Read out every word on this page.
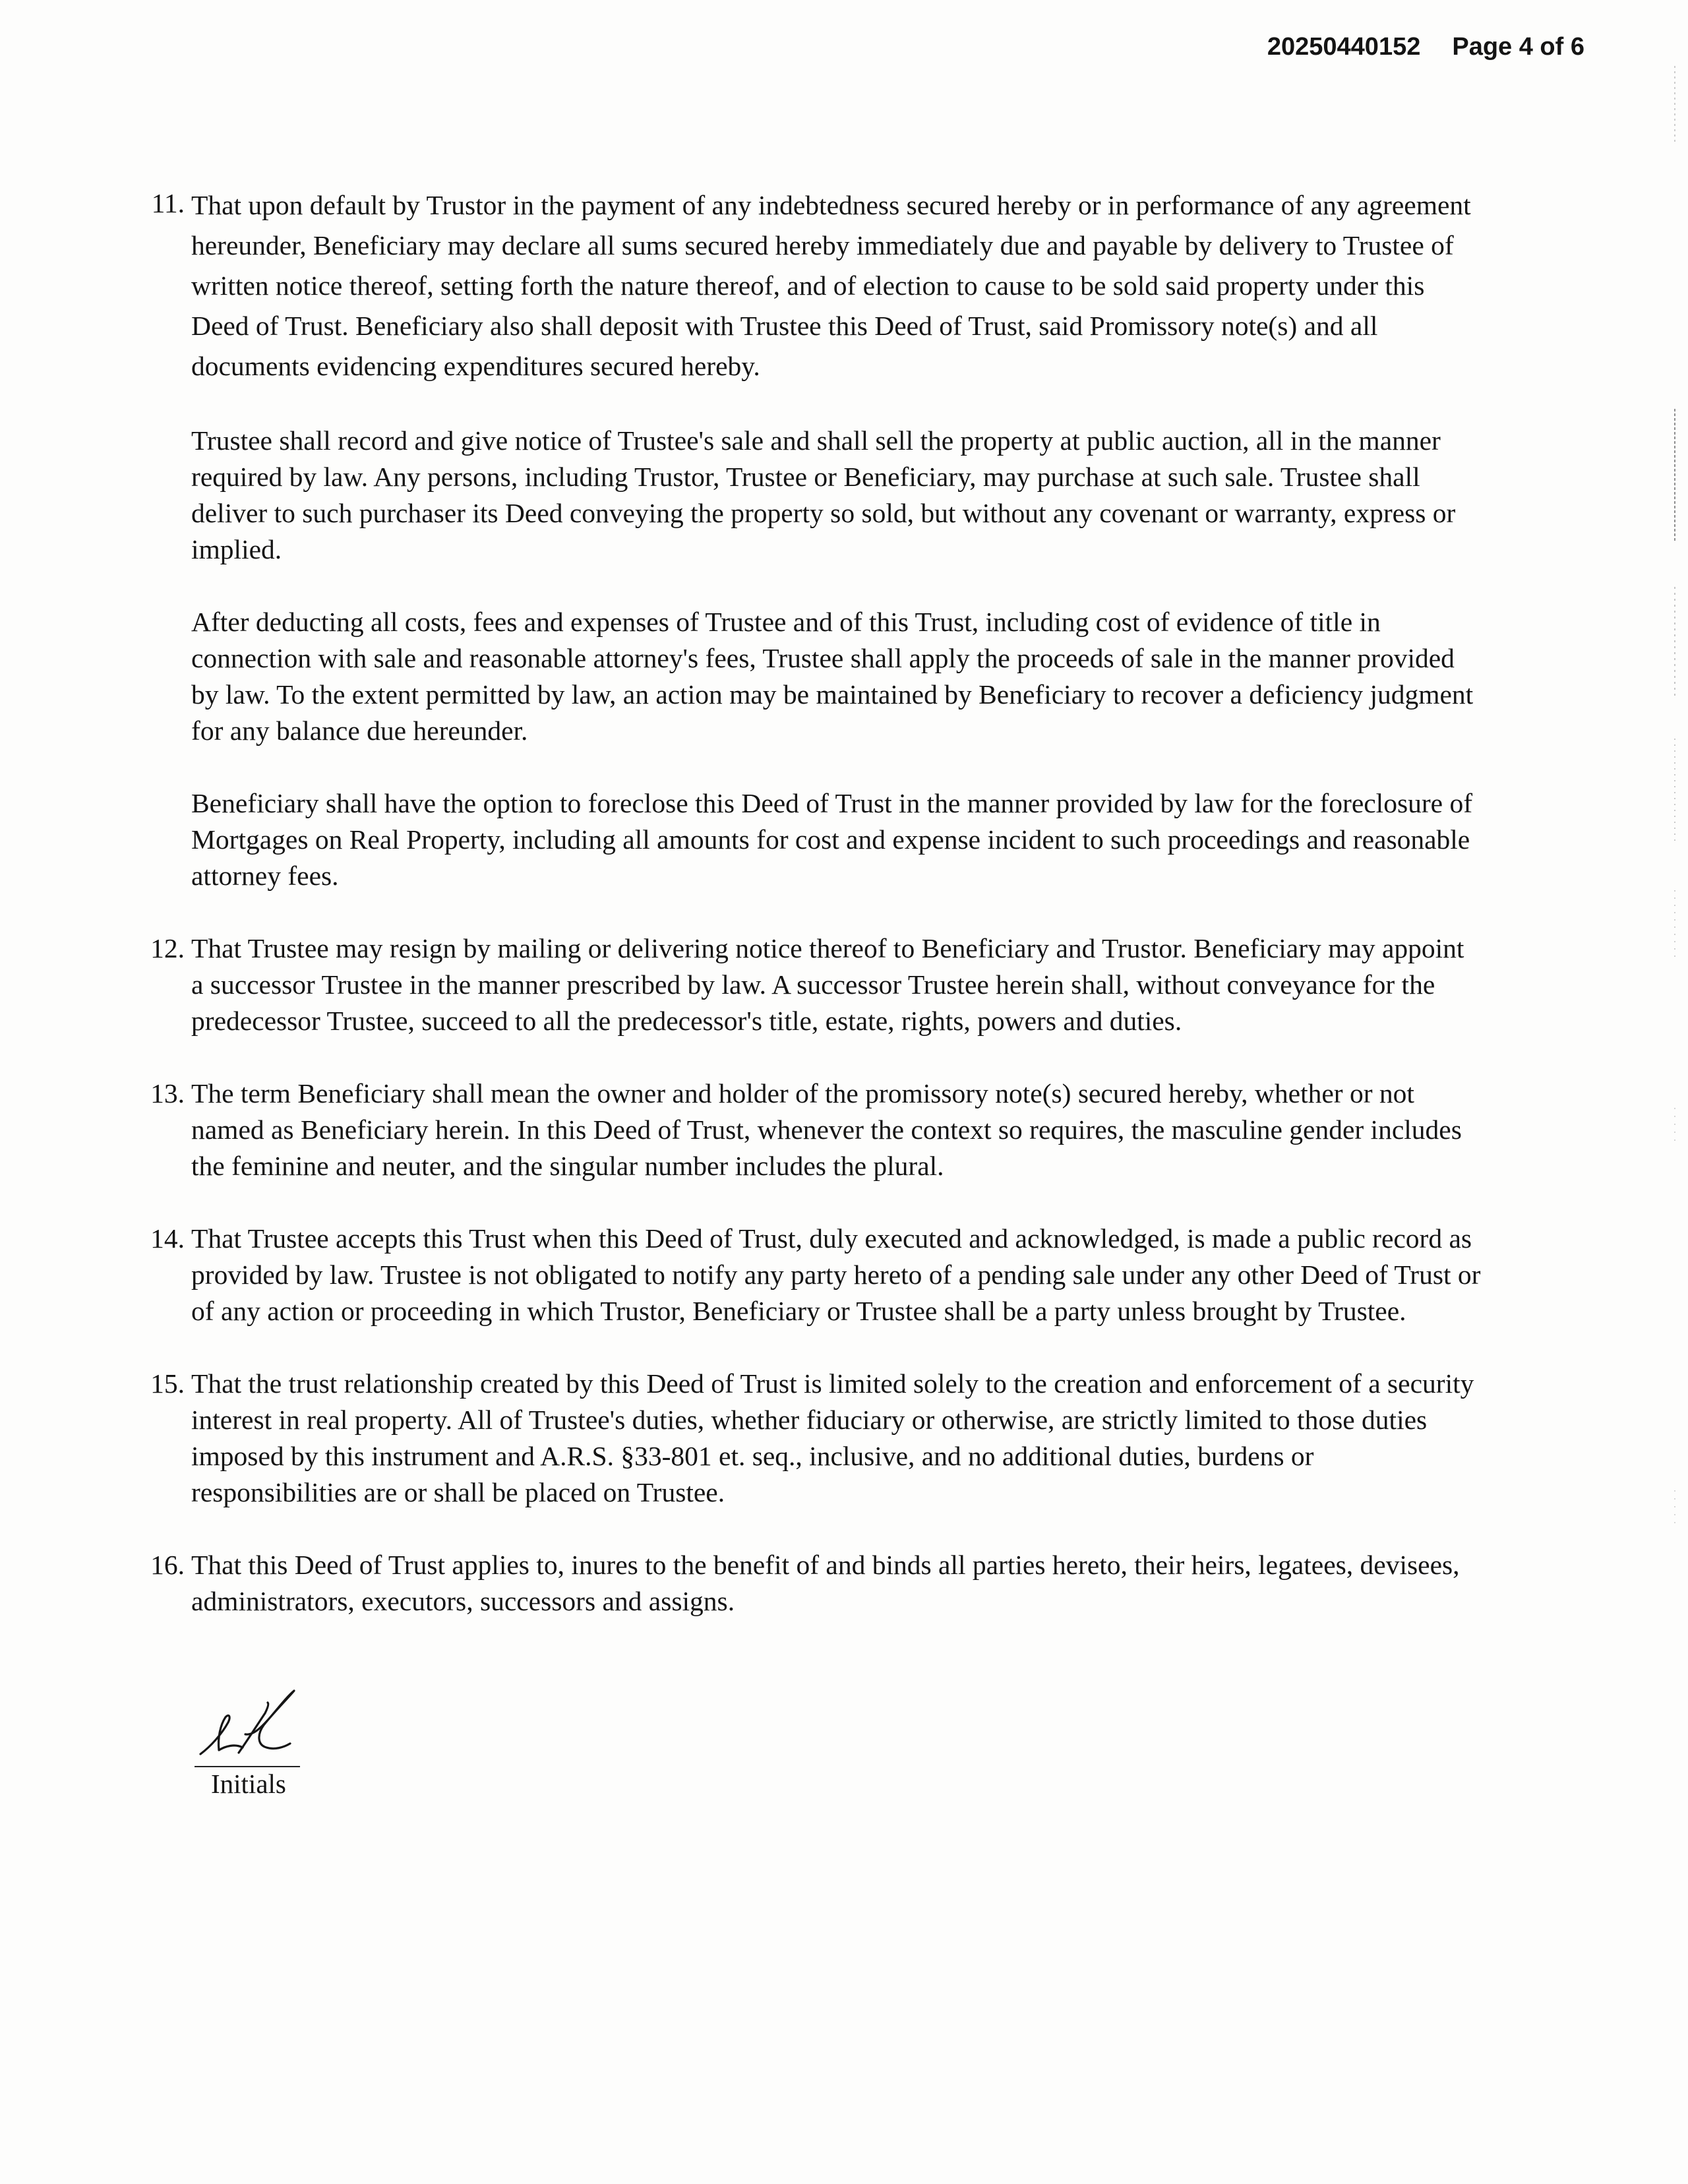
20250440152 Page 4 of 6
11. That upon default by Trustor in the payment of any indebtedness secured hereby or in performance of any agreement hereunder, Beneficiary may declare all sums secured hereby immediately due and payable by delivery to Trustee of written notice thereof, setting forth the nature thereof, and of election to cause to be sold said property under this Deed of Trust. Beneficiary also shall deposit with Trustee this Deed of Trust, said Promissory note(s) and all documents evidencing expenditures secured hereby.

Trustee shall record and give notice of Trustee's sale and shall sell the property at public auction, all in the manner required by law. Any persons, including Trustor, Trustee or Beneficiary, may purchase at such sale. Trustee shall deliver to such purchaser its Deed conveying the property so sold, but without any covenant or warranty, express or implied.

After deducting all costs, fees and expenses of Trustee and of this Trust, including cost of evidence of title in connection with sale and reasonable attorney's fees, Trustee shall apply the proceeds of sale in the manner provided by law. To the extent permitted by law, an action may be maintained by Beneficiary to recover a deficiency judgment for any balance due hereunder.

Beneficiary shall have the option to foreclose this Deed of Trust in the manner provided by law for the foreclosure of Mortgages on Real Property, including all amounts for cost and expense incident to such proceedings and reasonable attorney fees.

12. That Trustee may resign by mailing or delivering notice thereof to Beneficiary and Trustor. Beneficiary may appoint a successor Trustee in the manner prescribed by law. A successor Trustee herein shall, without conveyance for the predecessor Trustee, succeed to all the predecessor's title, estate, rights, powers and duties.

13. The term Beneficiary shall mean the owner and holder of the promissory note(s) secured hereby, whether or not named as Beneficiary herein. In this Deed of Trust, whenever the context so requires, the masculine gender includes the feminine and neuter, and the singular number includes the plural.

14. That Trustee accepts this Trust when this Deed of Trust, duly executed and acknowledged, is made a public record as provided by law. Trustee is not obligated to notify any party hereto of a pending sale under any other Deed of Trust or of any action or proceeding in which Trustor, Beneficiary or Trustee shall be a party unless brought by Trustee.

15. That the trust relationship created by this Deed of Trust is limited solely to the creation and enforcement of a security interest in real property. All of Trustee's duties, whether fiduciary or otherwise, are strictly limited to those duties imposed by this instrument and A.R.S. §33-801 et. seq., inclusive, and no additional duties, burdens or responsibilities are or shall be placed on Trustee.

16. That this Deed of Trust applies to, inures to the benefit of and binds all parties hereto, their heirs, legatees, devisees, administrators, executors, successors and assigns.

Initials
